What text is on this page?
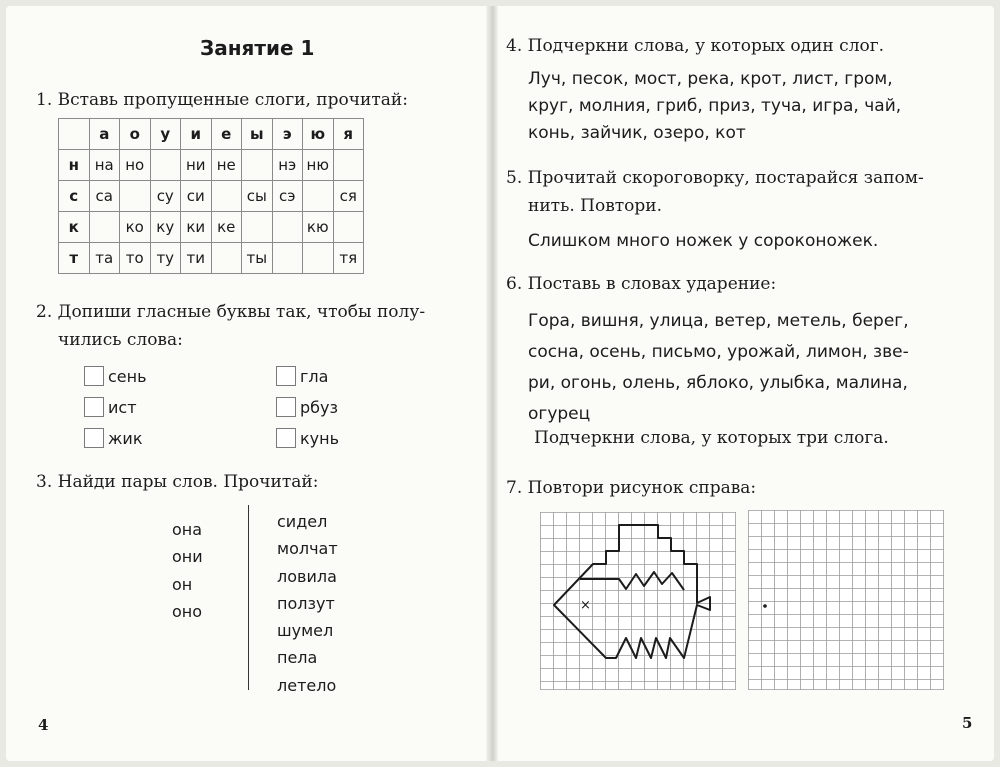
Занятие 1
1. Вставь пропущенные слоги, прочитай:
	а	о	у	и	е	ы	э	ю	я
н	на	но		ни	не		нэ	ню	
с	са		су	си		сы	сэ		ся
к		ко	ку	ки	ке			кю	
т	та	то	ту	ти		ты			тя
2. Допиши гласные буквы так, чтобы полу-
чились слова:
сень
ист
жик
гла
рбуз
кунь
3. Найди пары слов. Прочитай:
она
они
он
оно
сидел
молчат
ловила
ползут
шумел
пела
летело
4
4. Подчеркни слова, у которых один слог.
Луч, песок, мост, река, крот, лист, гром,
круг, молния, гриб, приз, туча, игра, чай,
конь, зайчик, озеро, кот
5. Прочитай скороговорку, постарайся запом-
нить. Повтори.
Слишком много ножек у сороконожек.
6. Поставь в словах ударение:
Гора, вишня, улица, ветер, метель, берег,
сосна, осень, письмо, урожай, лимон, зве-
ри, огонь, олень, яблоко, улыбка, малина,
огурец
Подчеркни слова, у которых три слога.
7. Повтори рисунок справа:
×
5
